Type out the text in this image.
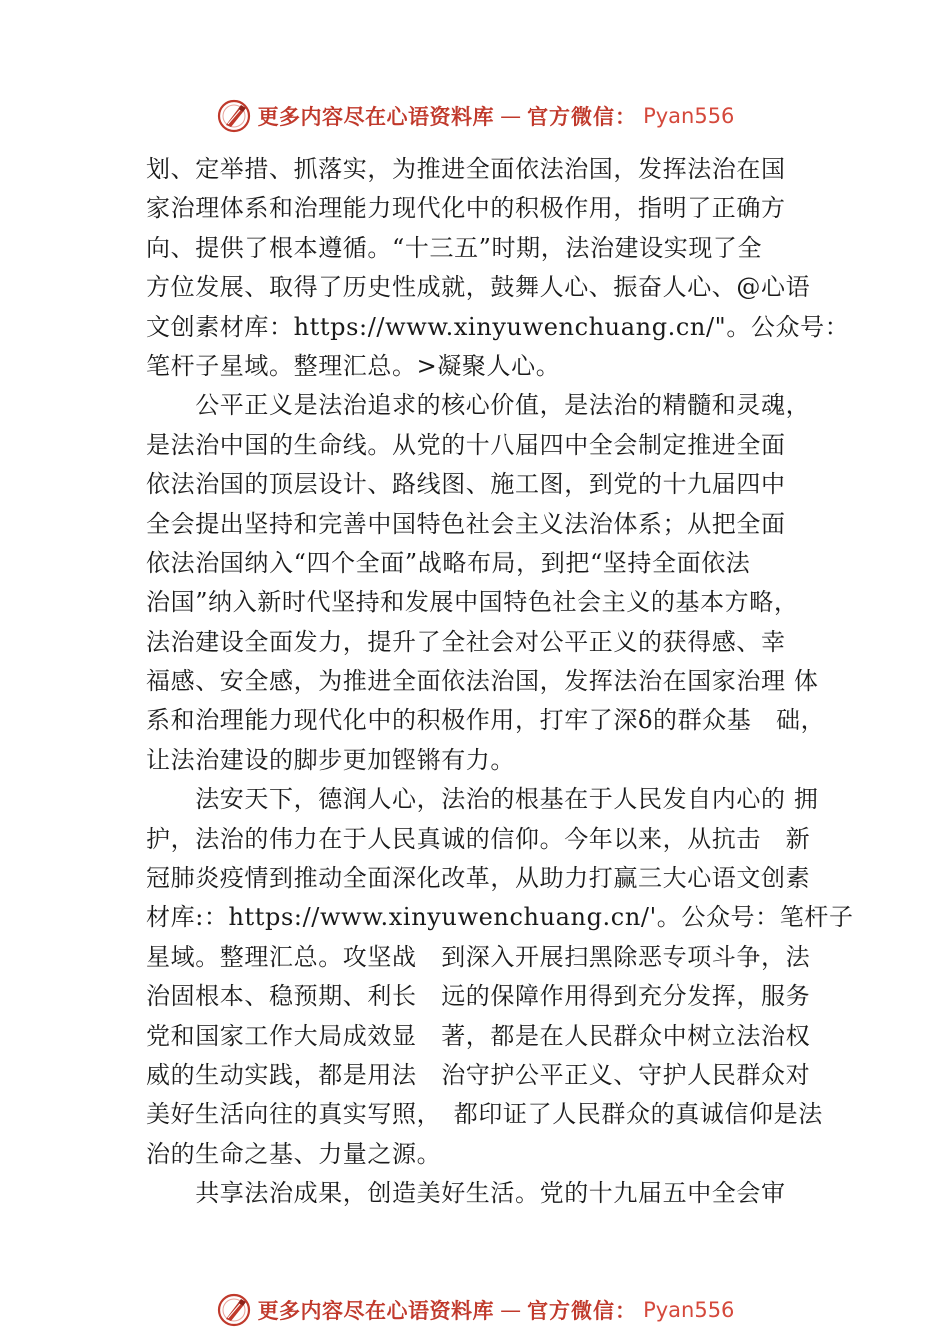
更多内容尽在心语资料库 — 官方微信： Pyan556
划、定举措、抓落实，为推进全面依法治国，发挥法治在国
家治理体系和治理能力现代化中的积极作用，指明了正确方
向、提供了根本遵循。“十三五”时期，法治建设实现了全
方位发展、取得了历史性成就，鼓舞人心、振奋人心、@心语
文创素材库：https://www.xinyuwenchuang.cn/"。公众号：
笔杆子星域。整理汇总。>凝聚人心。
　　公平正义是法治追求的核心价值，是法治的精髓和灵魂，
是法治中国的生命线。从党的十八届四中全会制定推进全面
依法治国的顶层设计、路线图、施工图，到党的十九届四中
全会提出坚持和完善中国特色社会主义法治体系；从把全面
依法治国纳入“四个全面”战略布局，到把“坚持全面依法
治国”纳入新时代坚持和发展中国特色社会主义的基本方略，
法治建设全面发力，提升了全社会对公平正义的获得感、幸
福感、安全感，为推进全面依法治国，发挥法治在国家治理 体
系和治理能力现代化中的积极作用，打牢了深δ的群众基　础，
让法治建设的脚步更加铿锵有力。
　　法安天下，德润人心，法治的根基在于人民发自内心的 拥
护，法治的伟力在于人民真诚的信仰。今年以来，从抗击　新
冠肺炎疫情到推动全面深化改革，从助力打赢三大心语文创素
材库:：https://www.xinyuwenchuang.cn/'。公众号：笔杆子
星域。整理汇总。攻坚战　到深入开展扫黑除恶专项斗争，法
治固根本、稳预期、利长　远的保障作用得到充分发挥，服务
党和国家工作大局成效显　著，都是在人民群众中树立法治权
威的生动实践，都是用法　治守护公平正义、守护人民群众对
美好生活向往的真实写照，　都印证了人民群众的真诚信仰是法
治的生命之基、力量之源。
　　共享法治成果，创造美好生活。党的十九届五中全会审
更多内容尽在心语资料库 — 官方微信： Pyan556
